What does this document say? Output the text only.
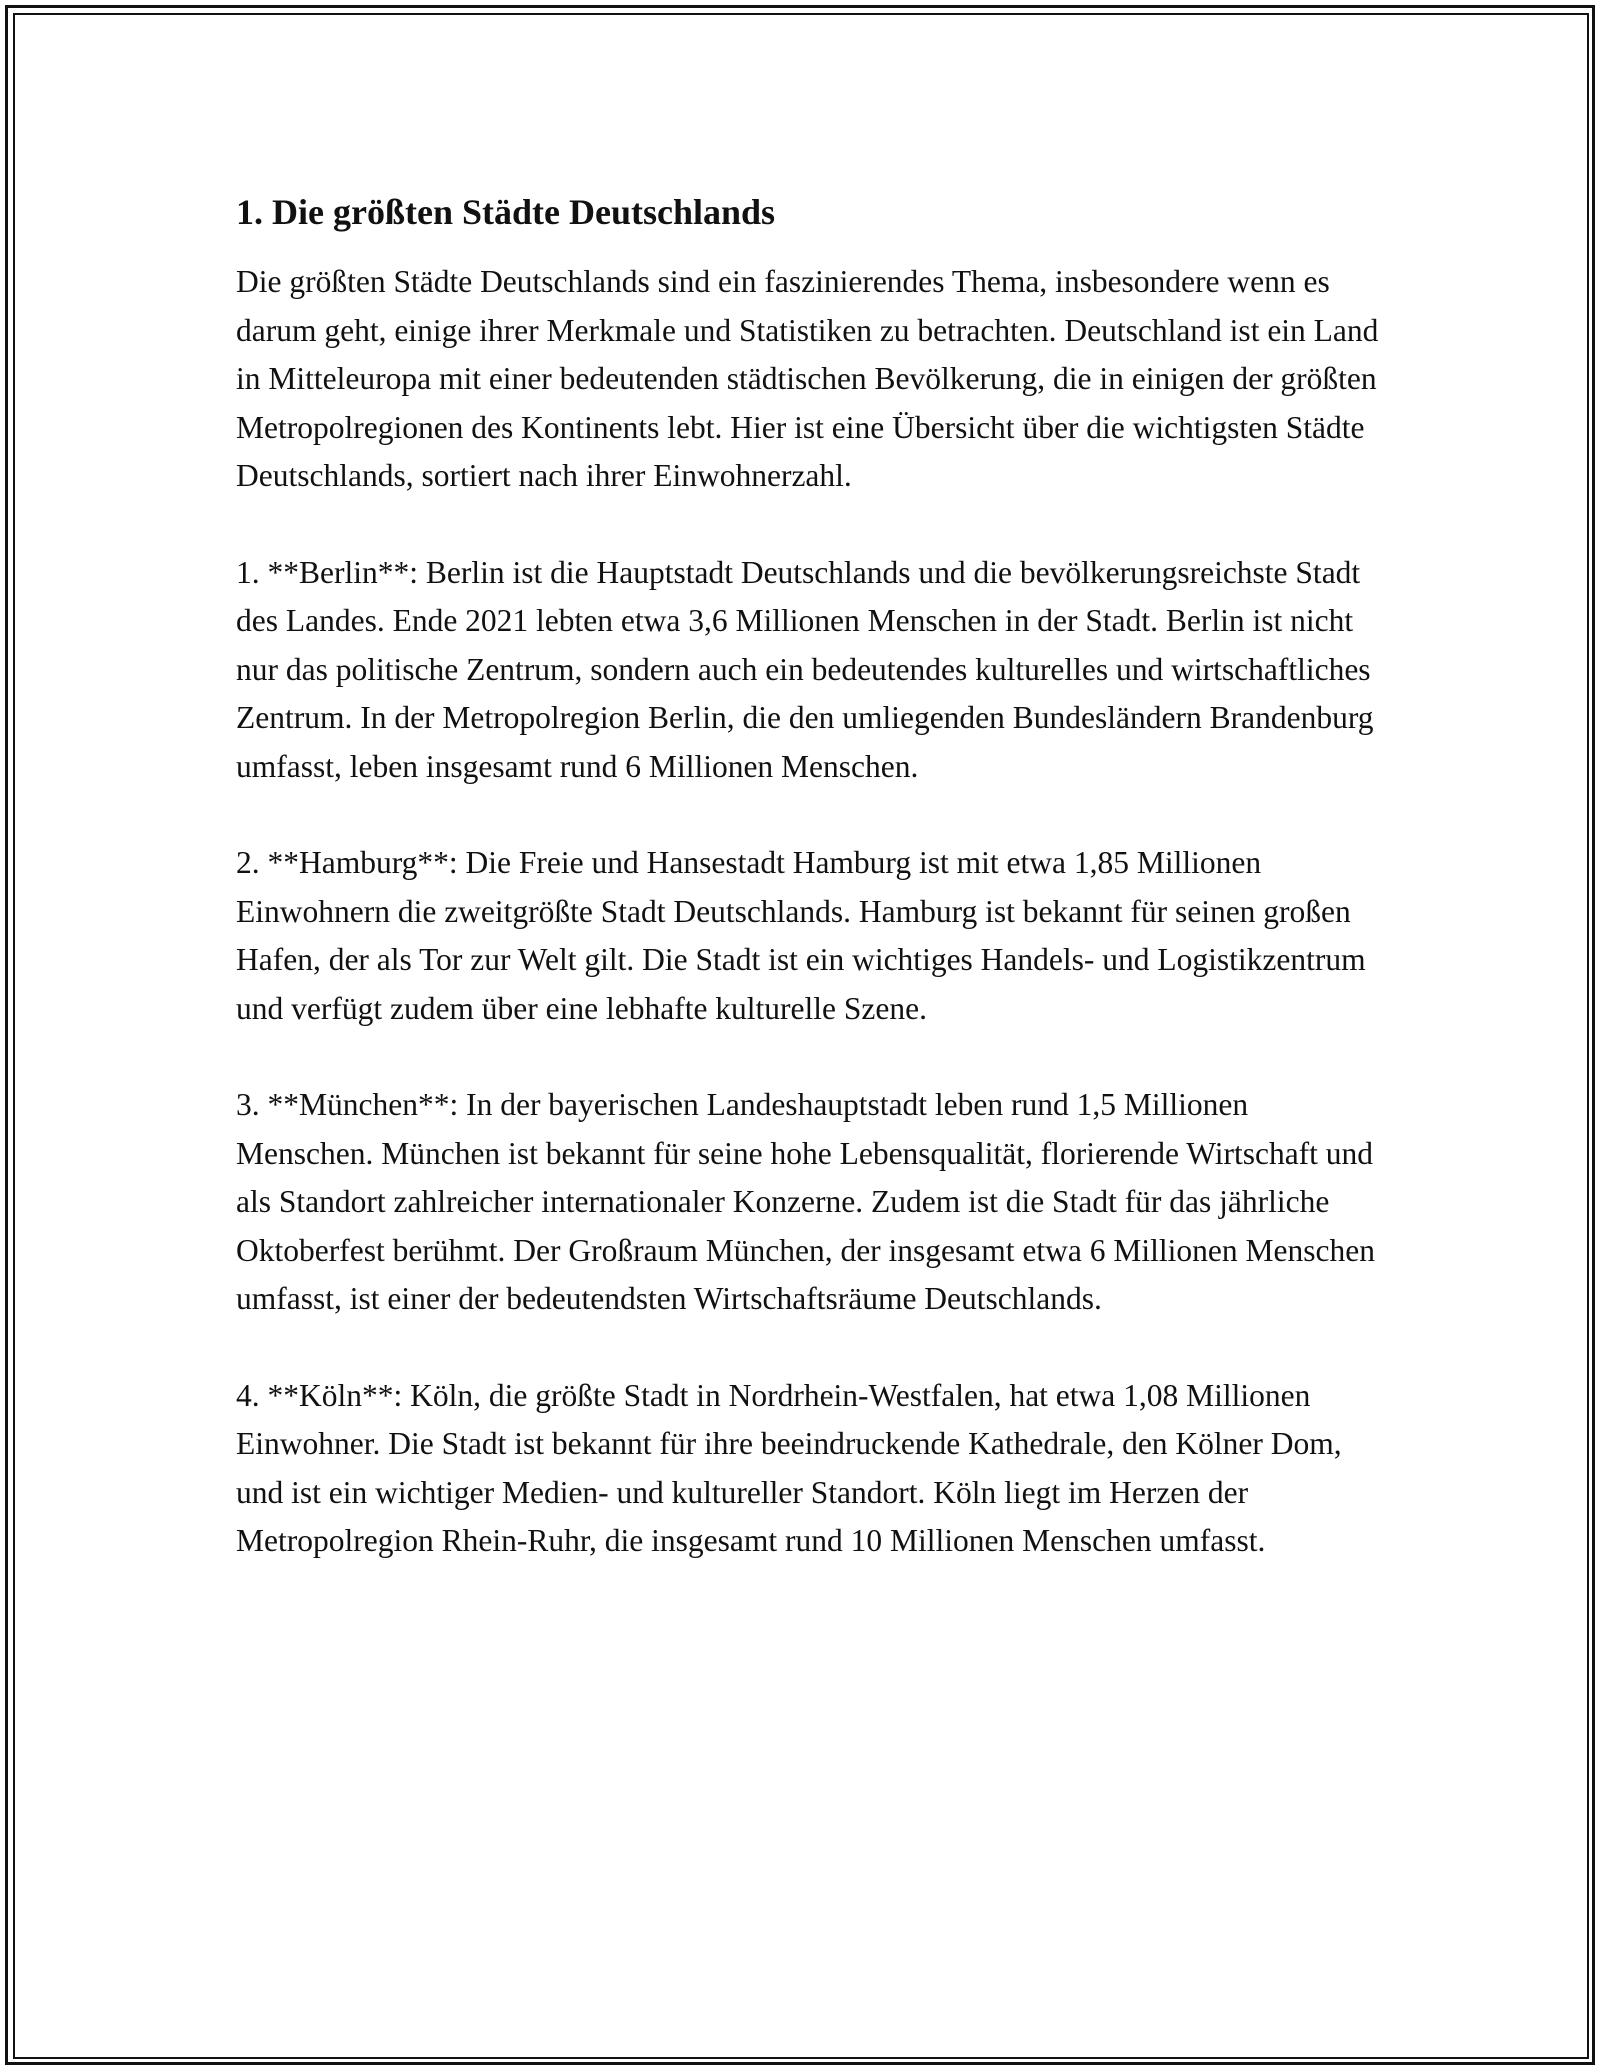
1. Die größten Städte Deutschlands

Die größten Städte Deutschlands sind ein faszinierendes Thema, insbesondere wenn es darum geht, einige ihrer Merkmale und Statistiken zu betrachten. Deutschland ist ein Land in Mitteleuropa mit einer bedeutenden städtischen Bevölkerung, die in einigen der größten Metropolregionen des Kontinents lebt. Hier ist eine Übersicht über die wichtigsten Städte Deutschlands, sortiert nach ihrer Einwohnerzahl.

1. **Berlin**: Berlin ist die Hauptstadt Deutschlands und die bevölkerungsreichste Stadt des Landes. Ende 2021 lebten etwa 3,6 Millionen Menschen in der Stadt. Berlin ist nicht nur das politische Zentrum, sondern auch ein bedeutendes kulturelles und wirtschaftliches Zentrum. In der Metropolregion Berlin, die den umliegenden Bundesländern Brandenburg umfasst, leben insgesamt rund 6 Millionen Menschen.

2. **Hamburg**: Die Freie und Hansestadt Hamburg ist mit etwa 1,85 Millionen Einwohnern die zweitgrößte Stadt Deutschlands. Hamburg ist bekannt für seinen großen Hafen, der als Tor zur Welt gilt. Die Stadt ist ein wichtiges Handels- und Logistikzentrum und verfügt zudem über eine lebhafte kulturelle Szene.

3. **München**: In der bayerischen Landeshauptstadt leben rund 1,5 Millionen Menschen. München ist bekannt für seine hohe Lebensqualität, florierende Wirtschaft und als Standort zahlreicher internationaler Konzerne. Zudem ist die Stadt für das jährliche Oktoberfest berühmt. Der Großraum München, der insgesamt etwa 6 Millionen Menschen umfasst, ist einer der bedeutendsten Wirtschaftsräume Deutschlands.

4. **Köln**: Köln, die größte Stadt in Nordrhein-Westfalen, hat etwa 1,08 Millionen Einwohner. Die Stadt ist bekannt für ihre beeindruckende Kathedrale, den Kölner Dom, und ist ein wichtiger Medien- und kultureller Standort. Köln liegt im Herzen der Metropolregion Rhein-Ruhr, die insgesamt rund 10 Millionen Menschen umfasst.
